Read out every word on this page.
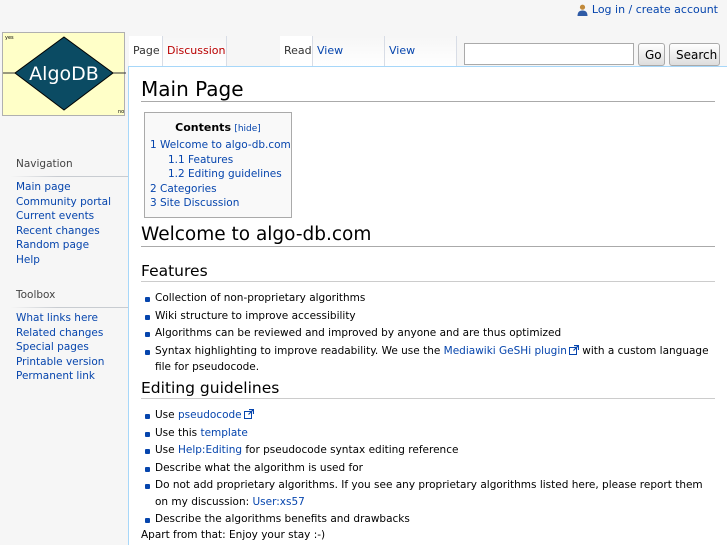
Log in / create account
AlgoDB
yes
no
Navigation
Main page
Community portal
Current events
Recent changes
Random page
Help
Toolbox
What links here
Related changes
Special pages
Printable version
Permanent link
Page Discussion	Read View	View	Go	Search
Main Page
Contents [hide]
1 Welcome to algo-db.com
1.1 Features
1.2 Editing guidelines
2 Categories
3 Site Discussion
Welcome to algo-db.com
Features
Collection of non-proprietary algorithms
Wiki structure to improve accessibility
Algorithms can be reviewed and improved by anyone and are thus optimized
Syntax highlighting to improve readability. We use the Mediawiki GeSHi plugin with a custom language file for pseudocode.
Editing guidelines
Use pseudocode
Use this template
Use Help:Editing for pseudocode syntax editing reference
Describe what the algorithm is used for
Do not add proprietary algorithms. If you see any proprietary algorithms listed here, please report them on my discussion: User:xs57
Describe the algorithms benefits and drawbacks
Apart from that: Enjoy your stay :-)
